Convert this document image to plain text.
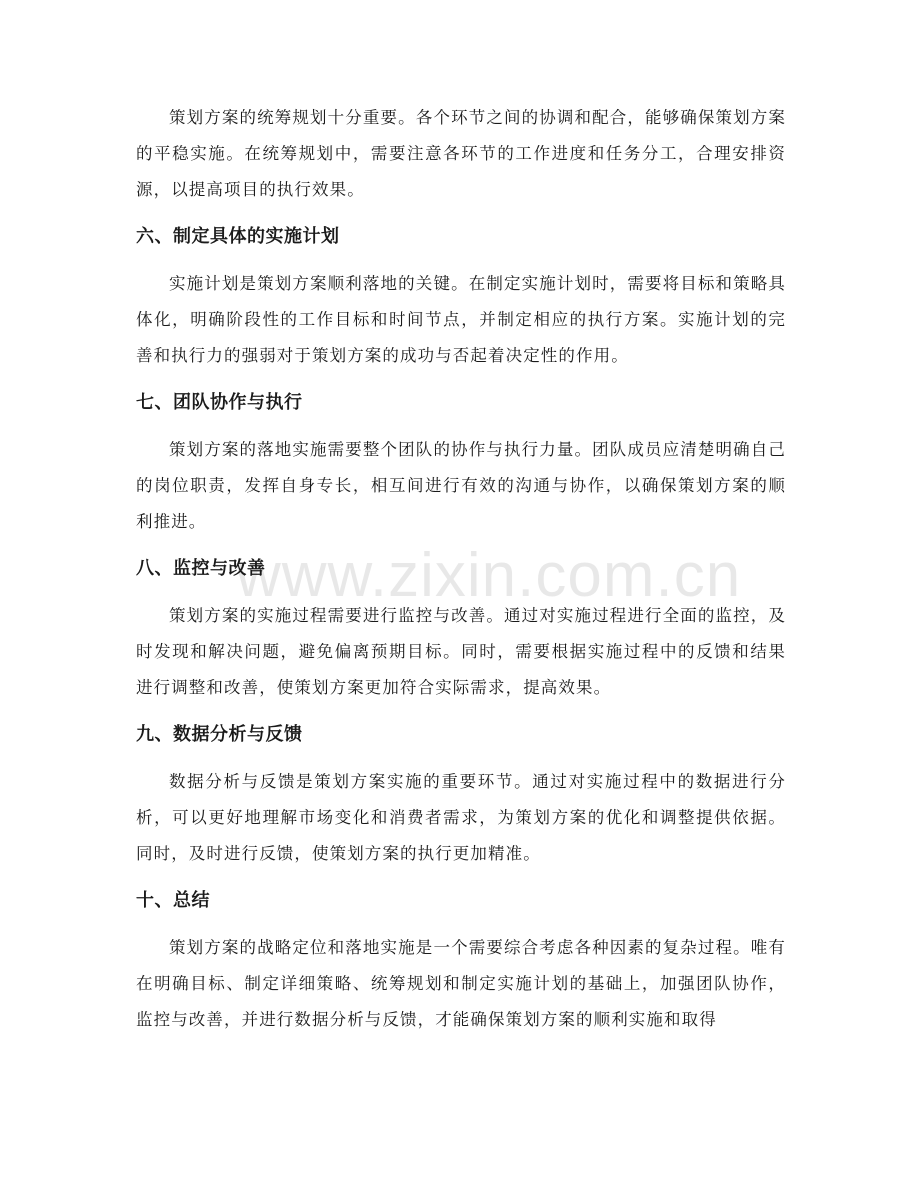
www.zixin.com.cn

策划方案的统筹规划十分重要。各个环节之间的协调和配合，能够确保策划方案的平稳实施。在统筹规划中，需要注意各环节的工作进度和任务分工，合理安排资源，以提高项目的执行效果。

六、制定具体的实施计划

实施计划是策划方案顺利落地的关键。在制定实施计划时，需要将目标和策略具体化，明确阶段性的工作目标和时间节点，并制定相应的执行方案。实施计划的完善和执行力的强弱对于策划方案的成功与否起着决定性的作用。

七、团队协作与执行

策划方案的落地实施需要整个团队的协作与执行力量。团队成员应清楚明确自己的岗位职责，发挥自身专长，相互间进行有效的沟通与协作，以确保策划方案的顺利推进。

八、监控与改善

策划方案的实施过程需要进行监控与改善。通过对实施过程进行全面的监控，及时发现和解决问题，避免偏离预期目标。同时，需要根据实施过程中的反馈和结果进行调整和改善，使策划方案更加符合实际需求，提高效果。

九、数据分析与反馈

数据分析与反馈是策划方案实施的重要环节。通过对实施过程中的数据进行分析，可以更好地理解市场变化和消费者需求，为策划方案的优化和调整提供依据。同时，及时进行反馈，使策划方案的执行更加精准。

十、总结

策划方案的战略定位和落地实施是一个需要综合考虑各种因素的复杂过程。唯有在明确目标、制定详细策略、统筹规划和制定实施计划的基础上，加强团队协作，监控与改善，并进行数据分析与反馈，才能确保策划方案的顺利实施和取得
